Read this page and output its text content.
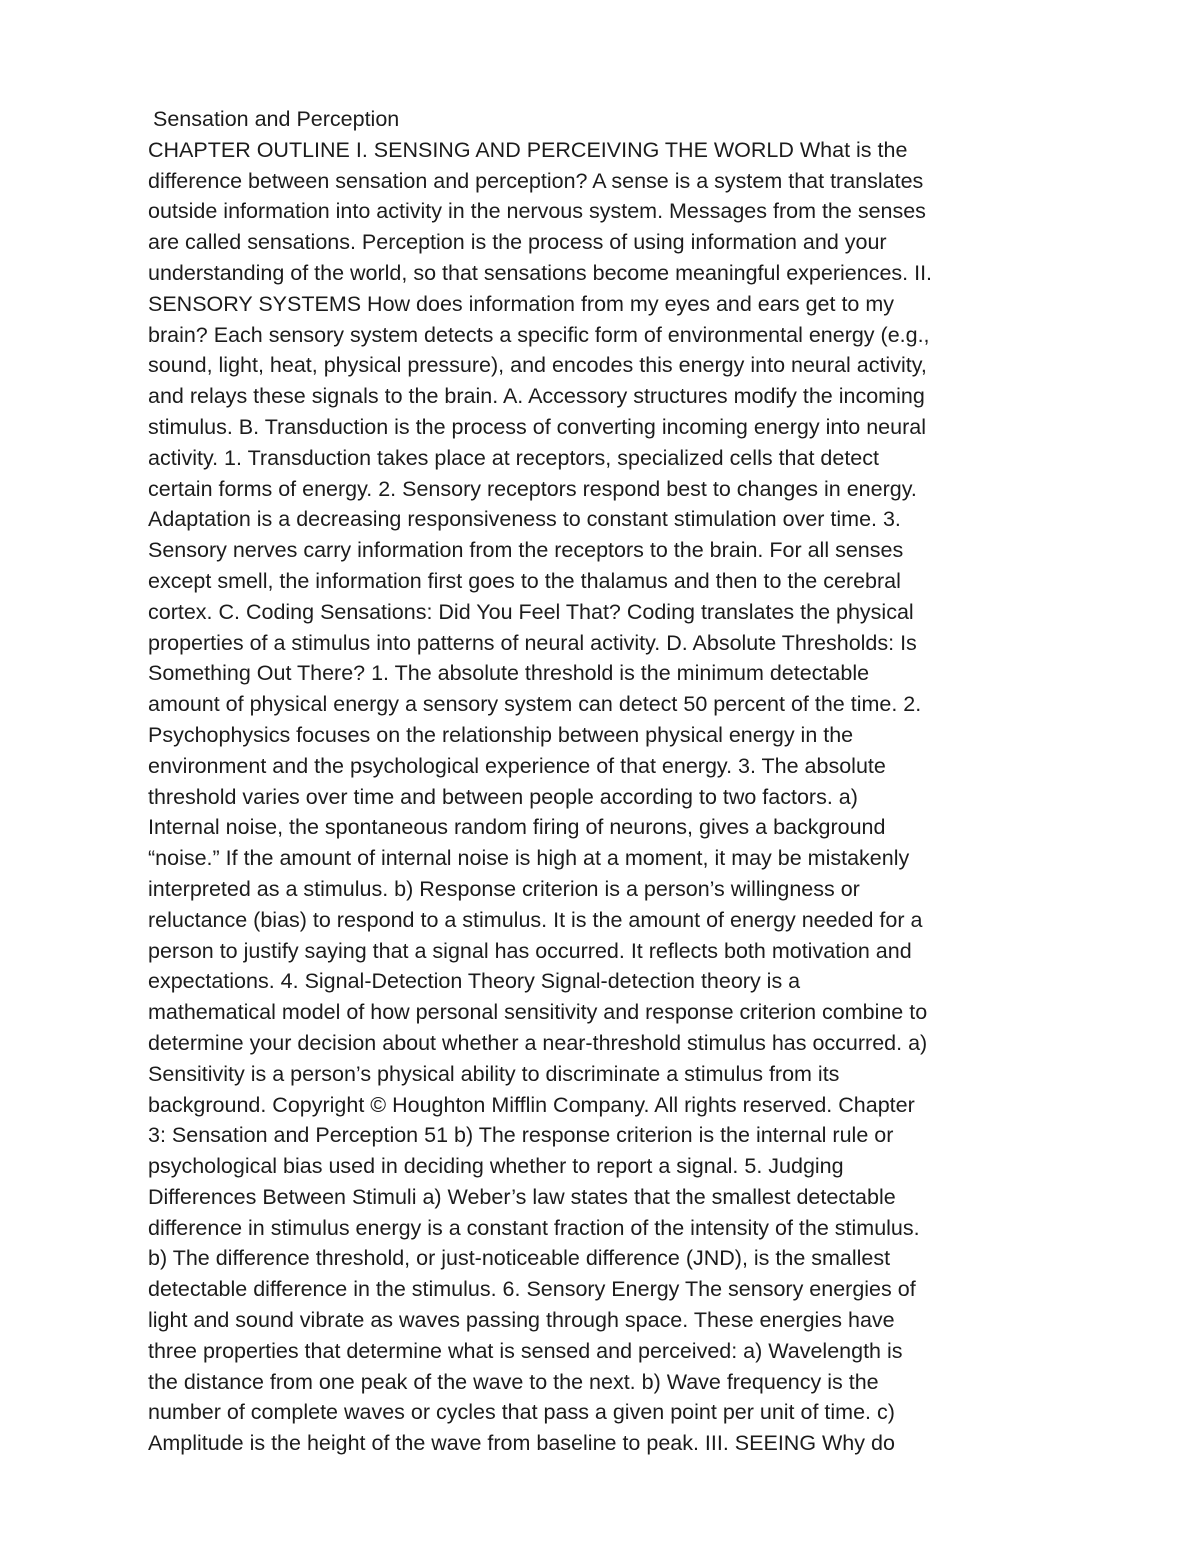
Sensation and Perception
CHAPTER OUTLINE I. SENSING AND PERCEIVING THE WORLD What is the
difference between sensation and perception? A sense is a system that translates
outside information into activity in the nervous system. Messages from the senses
are called sensations. Perception is the process of using information and your
understanding of the world, so that sensations become meaningful experiences. II.
SENSORY SYSTEMS How does information from my eyes and ears get to my
brain? Each sensory system detects a specific form of environmental energy (e.g.,
sound, light, heat, physical pressure), and encodes this energy into neural activity,
and relays these signals to the brain. A. Accessory structures modify the incoming
stimulus. B. Transduction is the process of converting incoming energy into neural
activity. 1. Transduction takes place at receptors, specialized cells that detect
certain forms of energy. 2. Sensory receptors respond best to changes in energy.
Adaptation is a decreasing responsiveness to constant stimulation over time. 3.
Sensory nerves carry information from the receptors to the brain. For all senses
except smell, the information first goes to the thalamus and then to the cerebral
cortex. C. Coding Sensations: Did You Feel That? Coding translates the physical
properties of a stimulus into patterns of neural activity. D. Absolute Thresholds: Is
Something Out There? 1. The absolute threshold is the minimum detectable
amount of physical energy a sensory system can detect 50 percent of the time. 2.
Psychophysics focuses on the relationship between physical energy in the
environment and the psychological experience of that energy. 3. The absolute
threshold varies over time and between people according to two factors. a)
Internal noise, the spontaneous random firing of neurons, gives a background
“noise.” If the amount of internal noise is high at a moment, it may be mistakenly
interpreted as a stimulus. b) Response criterion is a person’s willingness or
reluctance (bias) to respond to a stimulus. It is the amount of energy needed for a
person to justify saying that a signal has occurred. It reflects both motivation and
expectations. 4. Signal-Detection Theory Signal-detection theory is a
mathematical model of how personal sensitivity and response criterion combine to
determine your decision about whether a near-threshold stimulus has occurred. a)
Sensitivity is a person’s physical ability to discriminate a stimulus from its
background. Copyright © Houghton Mifflin Company. All rights reserved. Chapter
3: Sensation and Perception 51 b) The response criterion is the internal rule or
psychological bias used in deciding whether to report a signal. 5. Judging
Differences Between Stimuli a) Weber’s law states that the smallest detectable
difference in stimulus energy is a constant fraction of the intensity of the stimulus.
b) The difference threshold, or just-noticeable difference (JND), is the smallest
detectable difference in the stimulus. 6. Sensory Energy The sensory energies of
light and sound vibrate as waves passing through space. These energies have
three properties that determine what is sensed and perceived: a) Wavelength is
the distance from one peak of the wave to the next. b) Wave frequency is the
number of complete waves or cycles that pass a given point per unit of time. c)
Amplitude is the height of the wave from baseline to peak. III. SEEING Why do
